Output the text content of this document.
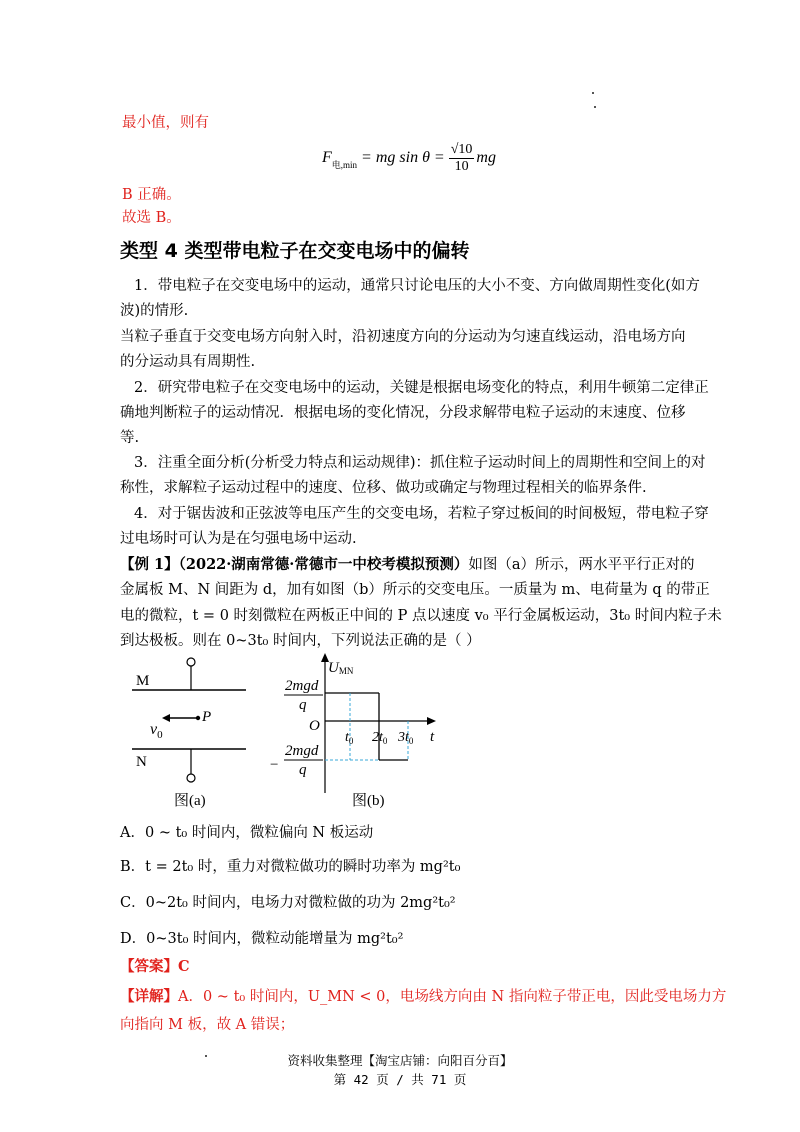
最小值，则有
F 电,min = mg $\sin \theta = \frac{√10}{10}$ mg
B 正确。
故选 B。
类型 4 类型带电粒子在交变电场中的偏转
1．带电粒子在交变电场中的运动，通常只讨论电压的大小不变、方向做周期性变化(如方
波)的情形.
当粒子垂直于交变电场方向射入时，沿初速度方向的分运动为匀速直线运动，沿电场方向
的分运动具有周期性.
2．研究带电粒子在交变电场中的运动，关键是根据电场变化的特点，利用牛顿第二定律正
确地判断粒子的运动情况．根据电场的变化情况，分段求解带电粒子运动的末速度、位移
等.
3．注重全面分析(分析受力特点和运动规律)：抓住粒子运动时间上的周期性和空间上的对
称性，求解粒子运动过程中的速度、位移、做功或确定与物理过程相关的临界条件.
4．对于锯齿波和正弦波等电压产生的交变电场，若粒子穿过板间的时间极短，带电粒子穿
过电场时可认为是在匀强电场中运动.
【例 1】（2022·湖南常德·常德市一中校考模拟预测）如图（a）所示，两水平平行正对的
金属板 M、N 间距为 d，加有如图（b）所示的交变电压。一质量为 m、电荷量为 q 的带正
电的微粒，t = 0 时刻微粒在两板正中间的 P 点以速度 v₀ 平行金属板运动，3t₀ 时间内粒子未
到达极板。则在 0~3t₀ 时间内，下列说法正确的是（ ）
M
P
$v_0$
N
图(a)
UMN
t
O
2mgd
q
−
2mgd
q
$t_0$ $2t_0$ $3t_0$
图(b)
A．0 ~ t₀ 时间内，微粒偏向 N 板运动
B．t = 2t₀ 时，重力对微粒做功的瞬时功率为 mg²t₀
C．0~2t₀ 时间内，电场力对微粒做的功为 2mg²t₀²
D．0~3t₀ 时间内，微粒动能增量为 mg²t₀²
【答案】C
【详解】A．0 ~ t₀ 时间内，U_MN < 0，电场线方向由 N 指向粒子带正电，因此受电场力方
向指向 M 板，故 A 错误；
资料收集整理【淘宝店铺：向阳百分百】
第 42 页 / 共 71 页
